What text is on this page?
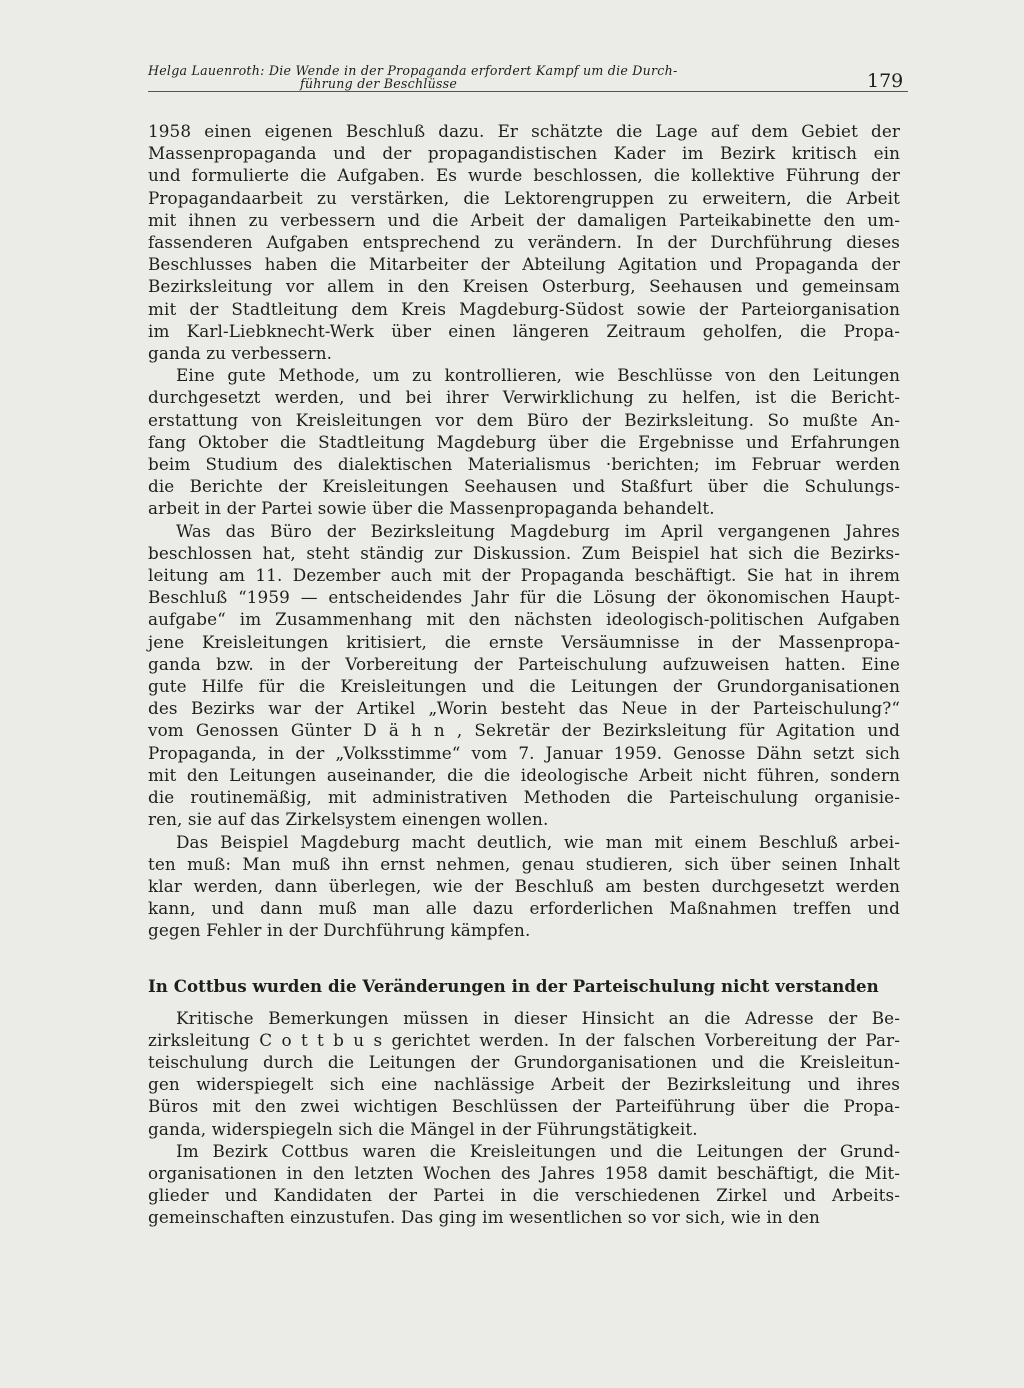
Helga Lauenroth: Die Wende in der Propaganda erfordert Kampf um die Durch-
führung der Beschlüsse	179
1958 einen eigenen Beschluß dazu. Er schätzte die Lage auf dem Gebiet der
Massenpropaganda und der propagandistischen Kader im Bezirk kritisch ein
und formulierte die Aufgaben. Es wurde beschlossen, die kollektive Führung der
Propagandaarbeit zu verstärken, die Lektorengruppen zu erweitern, die Arbeit
mit ihnen zu verbessern und die Arbeit der damaligen Parteikabinette den um-
fassenderen Aufgaben entsprechend zu verändern. In der Durchführung dieses
Beschlusses haben die Mitarbeiter der Abteilung Agitation und Propaganda der
Bezirksleitung vor allem in den Kreisen Osterburg, Seehausen und gemeinsam
mit der Stadtleitung dem Kreis Magdeburg-Südost sowie der Parteiorganisation
im Karl-Liebknecht-Werk über einen längeren Zeitraum geholfen, die Propa-
ganda zu verbessern.
Eine gute Methode, um zu kontrollieren, wie Beschlüsse von den Leitungen
durchgesetzt werden, und bei ihrer Verwirklichung zu helfen, ist die Bericht-
erstattung von Kreisleitungen vor dem Büro der Bezirksleitung. So mußte An-
fang Oktober die Stadtleitung Magdeburg über die Ergebnisse und Erfahrungen
beim Studium des dialektischen Materialismus ·berichten; im Februar werden
die Berichte der Kreisleitungen Seehausen und Staßfurt über die Schulungs-
arbeit in der Partei sowie über die Massenpropaganda behandelt.
Was das Büro der Bezirksleitung Magdeburg im April vergangenen Jahres
beschlossen hat, steht ständig zur Diskussion. Zum Beispiel hat sich die Bezirks-
leitung am 11. Dezember auch mit der Propaganda beschäftigt. Sie hat in ihrem
Beschluß “1959 — entscheidendes Jahr für die Lösung der ökonomischen Haupt-
aufgabe“ im Zusammenhang mit den nächsten ideologisch-politischen Aufgaben
jene Kreisleitungen kritisiert, die ernste Versäumnisse in der Massenpropa-
ganda bzw. in der Vorbereitung der Parteischulung aufzuweisen hatten. Eine
gute Hilfe für die Kreisleitungen und die Leitungen der Grundorganisationen
des Bezirks war der Artikel „Worin besteht das Neue in der Parteischulung?“
vom Genossen Günter D ä h n , Sekretär der Bezirksleitung für Agitation und
Propaganda, in der „Volksstimme“ vom 7. Januar 1959. Genosse Dähn setzt sich
mit den Leitungen auseinander, die die ideologische Arbeit nicht führen, sondern
die routinemäßig, mit administrativen Methoden die Parteischulung organisie-
ren, sie auf das Zirkelsystem einengen wollen.
Das Beispiel Magdeburg macht deutlich, wie man mit einem Beschluß arbei-
ten muß: Man muß ihn ernst nehmen, genau studieren, sich über seinen Inhalt
klar werden, dann überlegen, wie der Beschluß am besten durchgesetzt werden
kann, und dann muß man alle dazu erforderlichen Maßnahmen treffen und
gegen Fehler in der Durchführung kämpfen.
In Cottbus wurden die Veränderungen in der Parteischulung nicht verstanden
Kritische Bemerkungen müssen in dieser Hinsicht an die Adresse der Be-
zirksleitung C o t t b u s gerichtet werden. In der falschen Vorbereitung der Par-
teischulung durch die Leitungen der Grundorganisationen und die Kreisleitun-
gen widerspiegelt sich eine nachlässige Arbeit der Bezirksleitung und ihres
Büros mit den zwei wichtigen Beschlüssen der Parteiführung über die Propa-
ganda, widerspiegeln sich die Mängel in der Führungstätigkeit.
Im Bezirk Cottbus waren die Kreisleitungen und die Leitungen der Grund-
organisationen in den letzten Wochen des Jahres 1958 damit beschäftigt, die Mit-
glieder und Kandidaten der Partei in die verschiedenen Zirkel und Arbeits-
gemeinschaften einzustufen. Das ging im wesentlichen so vor sich, wie in den
